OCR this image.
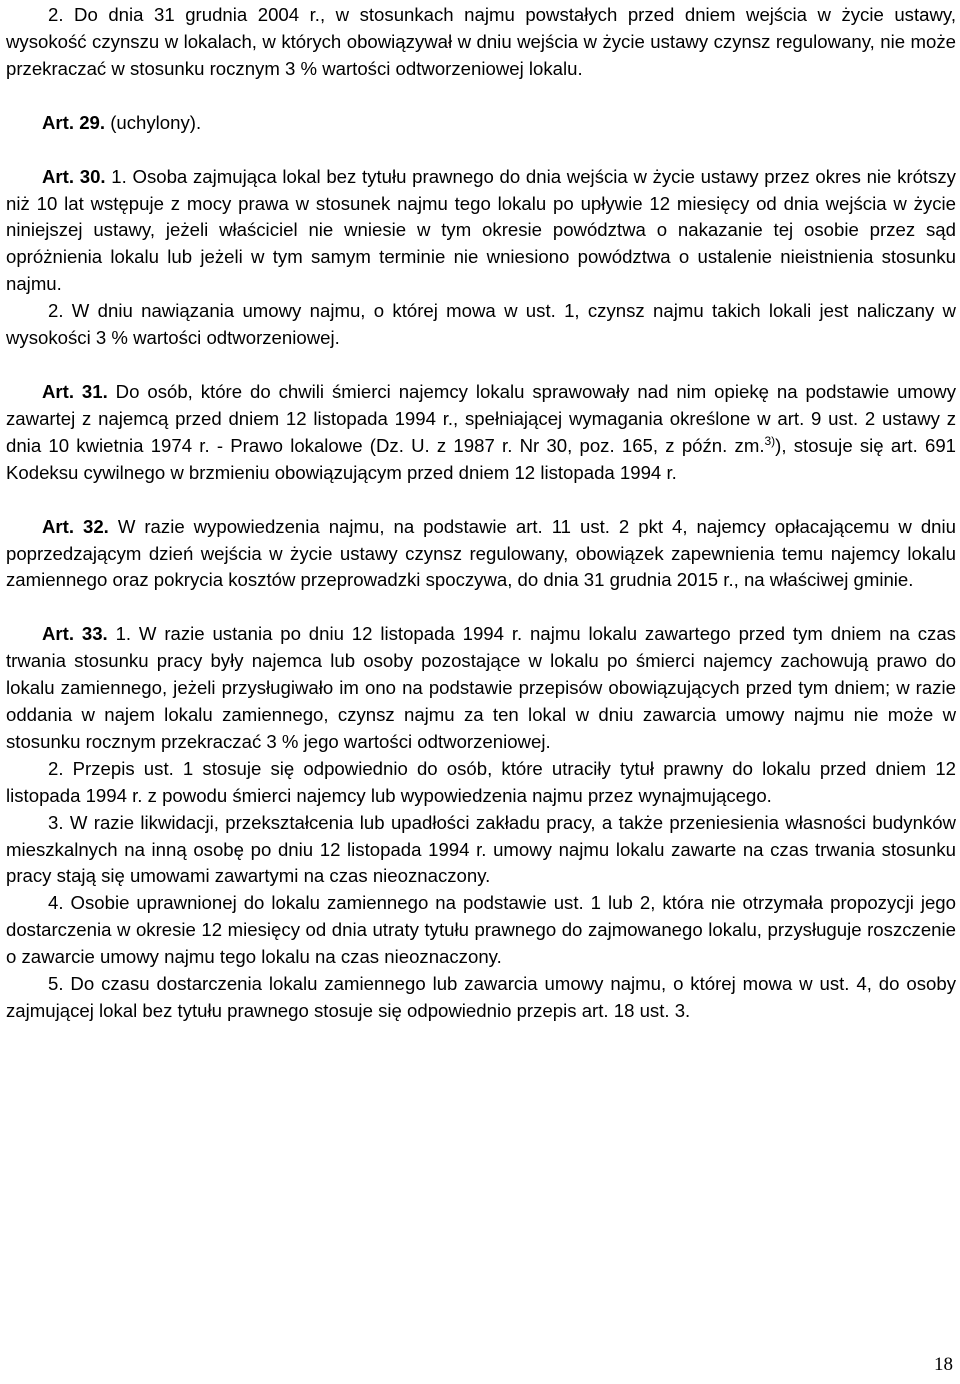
2. Do dnia 31 grudnia 2004 r., w stosunkach najmu powstałych przed dniem wejścia w życie ustawy, wysokość czynszu w lokalach, w których obowiązywał w dniu wejścia w życie ustawy czynsz regulowany, nie może przekraczać w stosunku rocznym 3 % wartości odtworzeniowej lokalu.

Art. 29. (uchylony).

Art. 30. 1. Osoba zajmująca lokal bez tytułu prawnego do dnia wejścia w życie ustawy przez okres nie krótszy niż 10 lat wstępuje z mocy prawa w stosunek najmu tego lokalu po upływie 12 miesięcy od dnia wejścia w życie niniejszej ustawy, jeżeli właściciel nie wniesie w tym okresie powództwa o nakazanie tej osobie przez sąd opróżnienia lokalu lub jeżeli w tym samym terminie nie wniesiono powództwa o ustalenie nieistnienia stosunku najmu.

2. W dniu nawiązania umowy najmu, o której mowa w ust. 1, czynsz najmu takich lokali jest naliczany w wysokości 3 % wartości odtworzeniowej.

Art. 31. Do osób, które do chwili śmierci najemcy lokalu sprawowały nad nim opiekę na podstawie umowy zawartej z najemcą przed dniem 12 listopada 1994 r., spełniającej wymagania określone w art. 9 ust. 2 ustawy z dnia 10 kwietnia 1974 r. - Prawo lokalowe (Dz. U. z 1987 r. Nr 30, poz. 165, z późn. zm.$^{3)}$), stosuje się art. 691 Kodeksu cywilnego w brzmieniu obowiązującym przed dniem 12 listopada 1994 r.

Art. 32. W razie wypowiedzenia najmu, na podstawie art. 11 ust. 2 pkt 4, najemcy opłacającemu w dniu poprzedzającym dzień wejścia w życie ustawy czynsz regulowany, obowiązek zapewnienia temu najemcy lokalu zamiennego oraz pokrycia kosztów przeprowadzki spoczywa, do dnia 31 grudnia 2015 r., na właściwej gminie.

Art. 33. 1. W razie ustania po dniu 12 listopada 1994 r. najmu lokalu zawartego przed tym dniem na czas trwania stosunku pracy były najemca lub osoby pozostające w lokalu po śmierci najemcy zachowują prawo do lokalu zamiennego, jeżeli przysługiwało im ono na podstawie przepisów obowiązujących przed tym dniem; w razie oddania w najem lokalu zamiennego, czynsz najmu za ten lokal w dniu zawarcia umowy najmu nie może w stosunku rocznym przekraczać 3 % jego wartości odtworzeniowej.

2. Przepis ust. 1 stosuje się odpowiednio do osób, które utraciły tytuł prawny do lokalu przed dniem 12 listopada 1994 r. z powodu śmierci najemcy lub wypowiedzenia najmu przez wynajmującego.

3. W razie likwidacji, przekształcenia lub upadłości zakładu pracy, a także przeniesienia własności budynków mieszkalnych na inną osobę po dniu 12 listopada 1994 r. umowy najmu lokalu zawarte na czas trwania stosunku pracy stają się umowami zawartymi na czas nieoznaczony.

4. Osobie uprawnionej do lokalu zamiennego na podstawie ust. 1 lub 2, która nie otrzymała propozycji jego dostarczenia w okresie 12 miesięcy od dnia utraty tytułu prawnego do zajmowanego lokalu, przysługuje roszczenie o zawarcie umowy najmu tego lokalu na czas nieoznaczony.

5. Do czasu dostarczenia lokalu zamiennego lub zawarcia umowy najmu, o której mowa w ust. 4, do osoby zajmującej lokal bez tytułu prawnego stosuje się odpowiednio przepis art. 18 ust. 3.

18
